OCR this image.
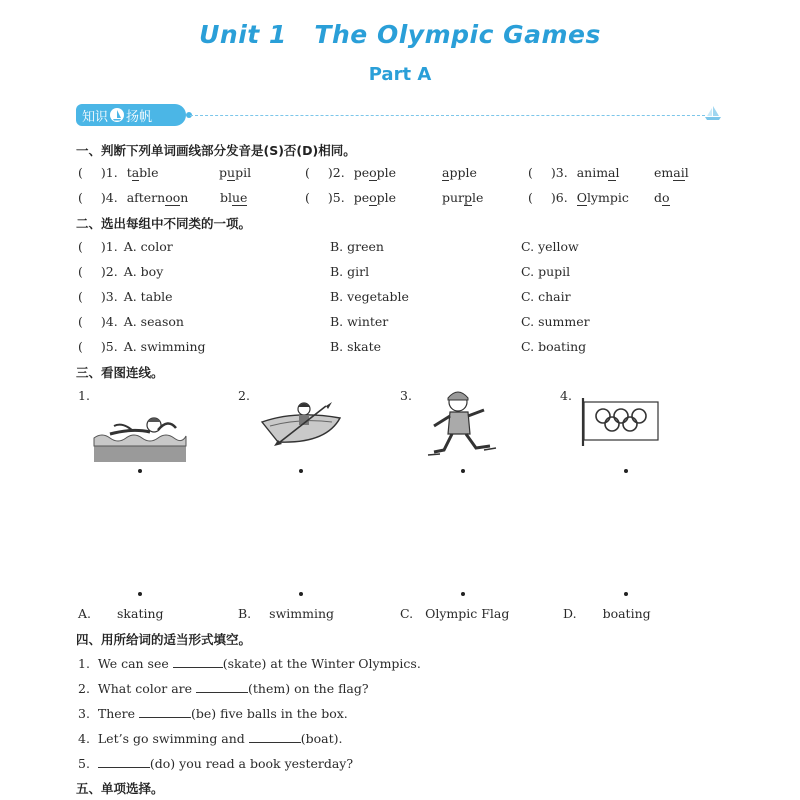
Unit 1   The Olympic Games
Part A
知识 扬帆
一、判断下列单词画线部分发音是(S)否(D)相同。
( )1. table	pupil	( )2. people	apple	( )3. animal	email
( )4. afternoon	blue	( )5. people	purple	( )6. Olympic do
二、选出每组中不同类的一项。
( )1. A. color	B. green	C. yellow
( )2. A. boy	B. girl	C. pupil
( )3. A. table	B. vegetable	C. chair
( )4. A. season	B. winter	C. summer
( )5. A. swimming	B. skate	C. boating
三、看图连线。
1.	2.	3.	4.
A. skating	B. swimming	C. Olympic Flag	D. boating
四、用所给词的适当形式填空。
1.  We can see	(skate) at the Winter Olympics.
2.  What color are	(them) on the flag?
3.  There	(be) five balls in the box.
4.  Let’s go swimming and	(boat).
5.	(do) you read a book yesterday?
五、单项选择。
